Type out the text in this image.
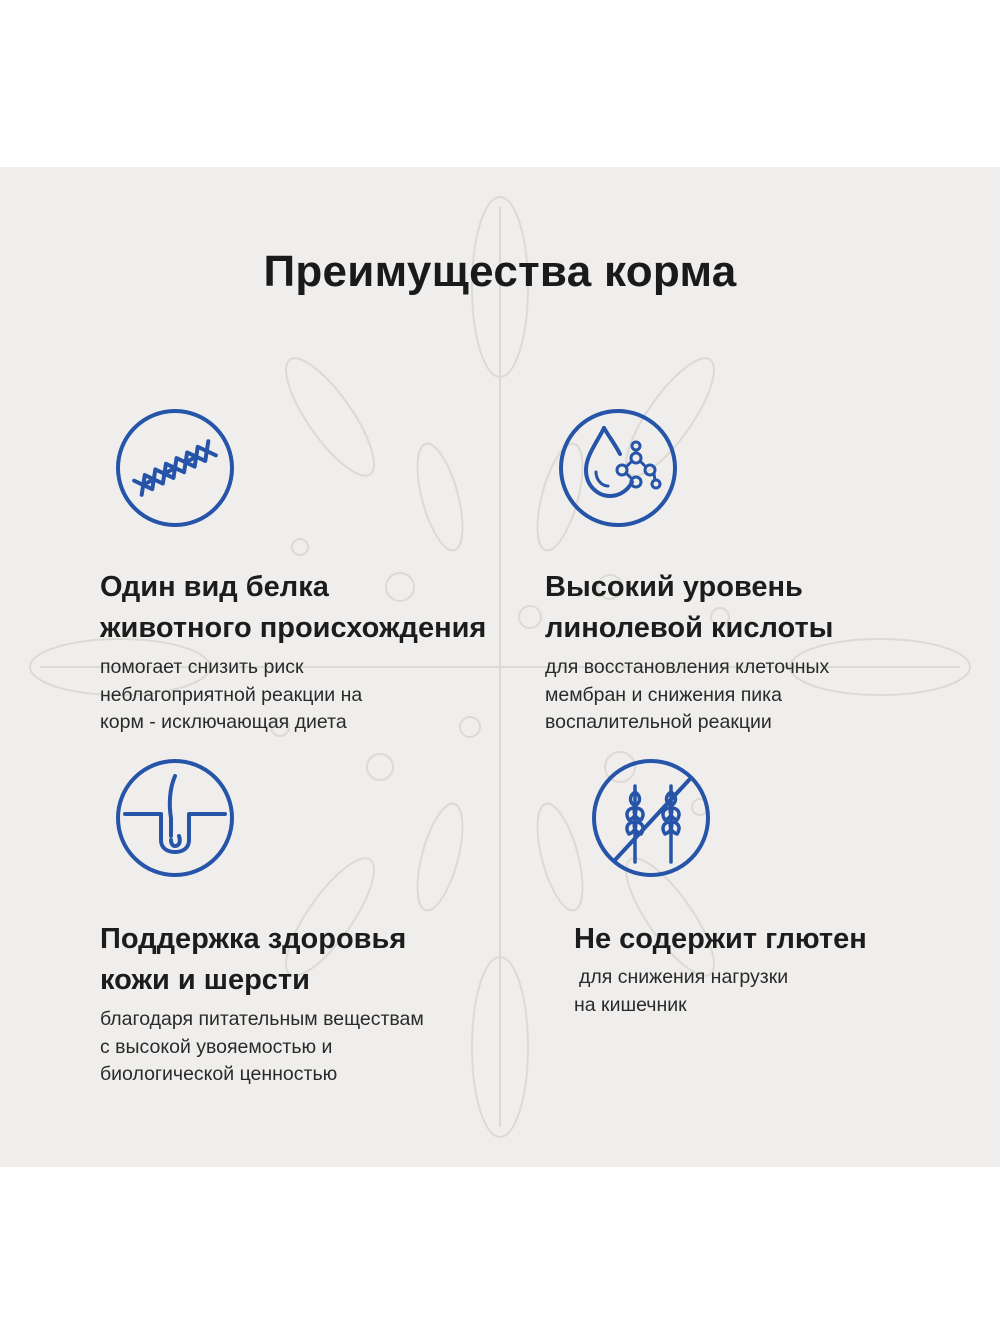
Преимущества корма
Один вид белка
животного происхождения
помогает снизить риск
неблагоприятной реакции на
корм - исключающая диета
Высокий уровень
линолевой кислоты
для восстановления клеточных
мембран и снижения пика
воспалительной реакции
Поддержка здоровья
кожи и шерсти
благодаря питательным веществам
с высокой увояемостью и
биологической ценностью
Не содержит глютен
для снижения нагрузки
на кишечник
